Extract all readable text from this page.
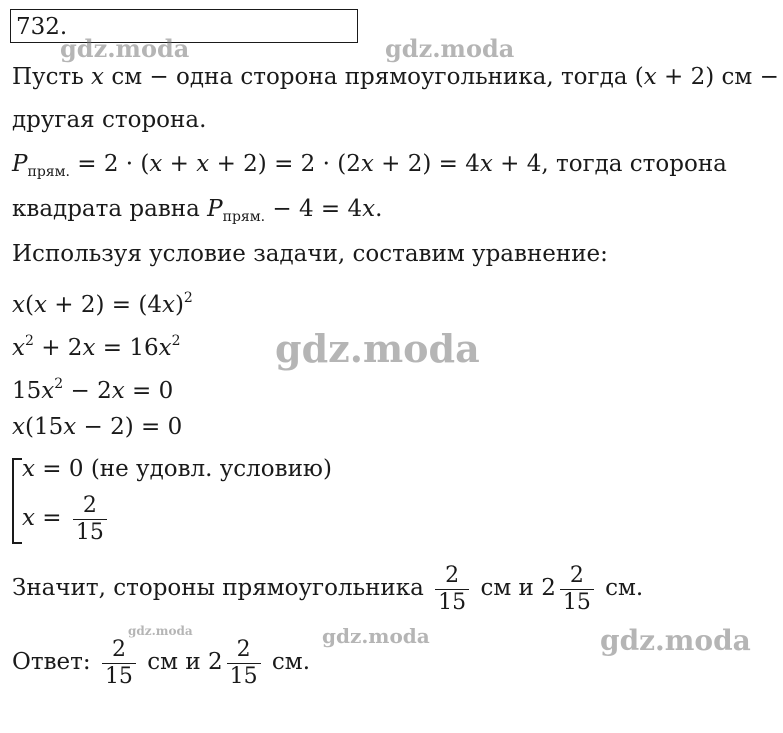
732.
gdz.moda	gdz.moda
gdz.moda
gdz.moda	gdz.moda	gdz.moda
Пусть x см − одна сторона прямоугольника, тогда (x + 2) см −
другая сторона.
$P_{прям.} = 2 \cdot (x + x + 2) = 2 \cdot (2x + 2) = 4x + 4$, тогда сторона
квадрата равна $P_{прям.} - 4 = 4x$.
Используя условие задачи, составим уравнение:
$x(x + 2) = (4x)^2$
$x^2 + 2x = 16x^2$
$15x^2 - 2x = 0$
x(15x − 2) = 0
x = 0 (не удовл. условию)
$x = \frac{2}{15}$
Значит, стороны прямоугольника $\frac{2}{15}$ см и $2 \frac{2}{15}$ см.
Ответ: $\frac{2}{15}$ см и $2 \frac{2}{15}$ см.
